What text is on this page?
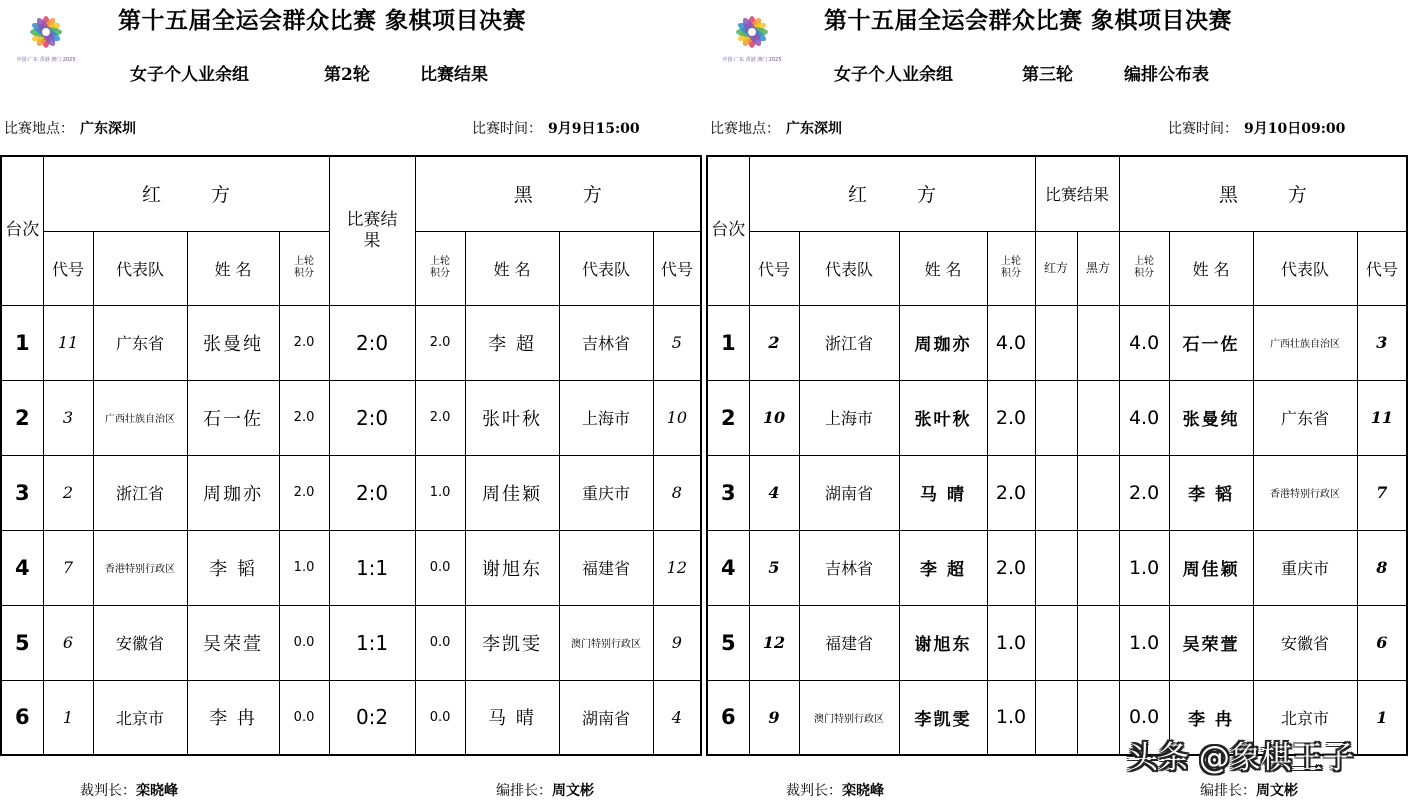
中国·广东 香港 澳门 2025
第十五届全运会群众比赛 象棋项目决赛
女子个人业余组	第2轮	比赛结果
比赛地点： 广东深圳	比赛时间： 9月9日15:00
台次	红 方				比赛结果	黑 方			
	代号	代表队	姓 名	上轮积分		上轮积分	姓 名	代表队	代号
1	11	广东省	张曼纯	2.0	2:0	2.0	李 超	吉林省	5
2	3	广西壮族自治区	石一佐	2.0	2:0	2.0	张叶秋	上海市	10
3	2	浙江省	周珈亦	2.0	2:0	1.0	周佳颖	重庆市	8
4	7	香港特别行政区	李 韬	1.0	1:1	0.0	谢旭东	福建省	12
5	6	安徽省	吴荣萱	0.0	1:1	0.0	李凯雯	澳门特别行政区	9
6	1	北京市	李 冉	0.0	0:2	0.0	马 晴	湖南省	4
裁判长：栾晓峰	编排长：周文彬
中国·广东 香港 澳门 2025
第十五届全运会群众比赛 象棋项目决赛
女子个人业余组	第三轮	编排公布表
比赛地点： 广东深圳	比赛时间： 9月10日09:00
台次	红 方				比赛结果		黑 方			
	代号	代表队	姓 名	上轮积分	红方	黑方	上轮积分	姓 名	代表队	代号
1	2	浙江省	周珈亦	4.0			4.0	石一佐	广西壮族自治区	3
2	10	上海市	张叶秋	2.0			4.0	张曼纯	广东省	11
3	4	湖南省	马 晴	2.0			2.0	李 韬	香港特别行政区	7
4	5	吉林省	李 超	2.0			1.0	周佳颖	重庆市	8
5	12	福建省	谢旭东	1.0			1.0	吴荣萱	安徽省	6
6	9	澳门特别行政区	李凯雯	1.0			0.0	李 冉	北京市	1
裁判长：栾晓峰	编排长：周文彬
头条 @象棋王子
